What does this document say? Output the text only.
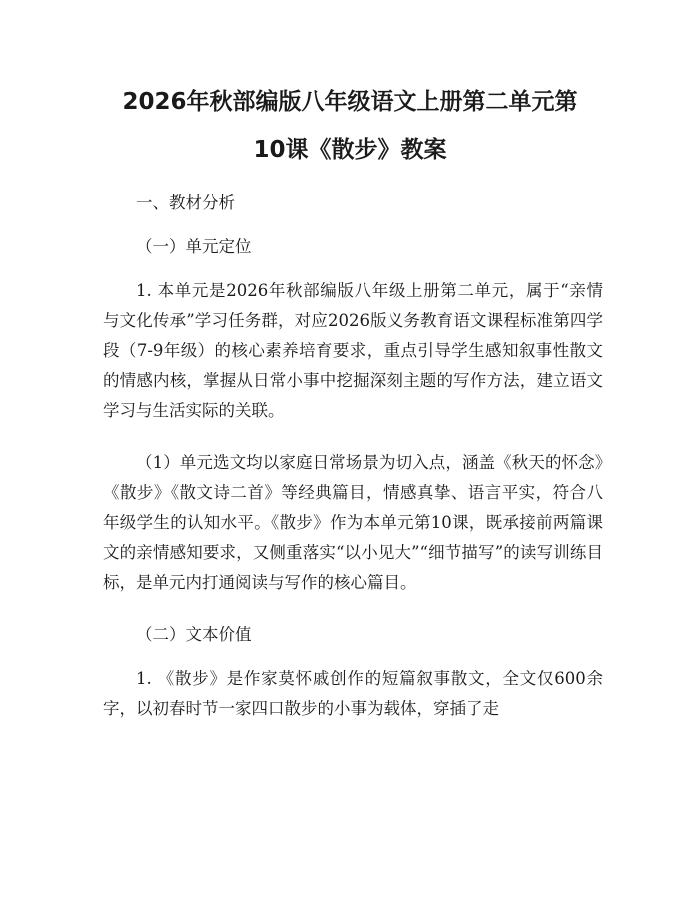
2026年秋部编版八年级语文上册第二单元第
10课《散步》教案

一、教材分析

（一）单元定位

1. 本单元是2026年秋部编版八年级上册第二单元，属于“亲情与文化传承”学习任务群，对应2026版义务教育语文课程标准第四学段（7-9年级）的核心素养培育要求，重点引导学生感知叙事性散文的情感内核，掌握从日常小事中挖掘深刻主题的写作方法，建立语文学习与生活实际的关联。

（1）单元选文均以家庭日常场景为切入点，涵盖《秋天的怀念》《散步》《散文诗二首》等经典篇目，情感真挚、语言平实，符合八年级学生的认知水平。《散步》作为本单元第10课，既承接前两篇课文的亲情感知要求，又侧重落实“以小见大”“细节描写”的读写训练目标，是单元内打通阅读与写作的核心篇目。

（二）文本价值

1. 《散步》是作家莫怀戚创作的短篇叙事散文，全文仅600余字，以初春时节一家四口散步的小事为载体，穿插了走
